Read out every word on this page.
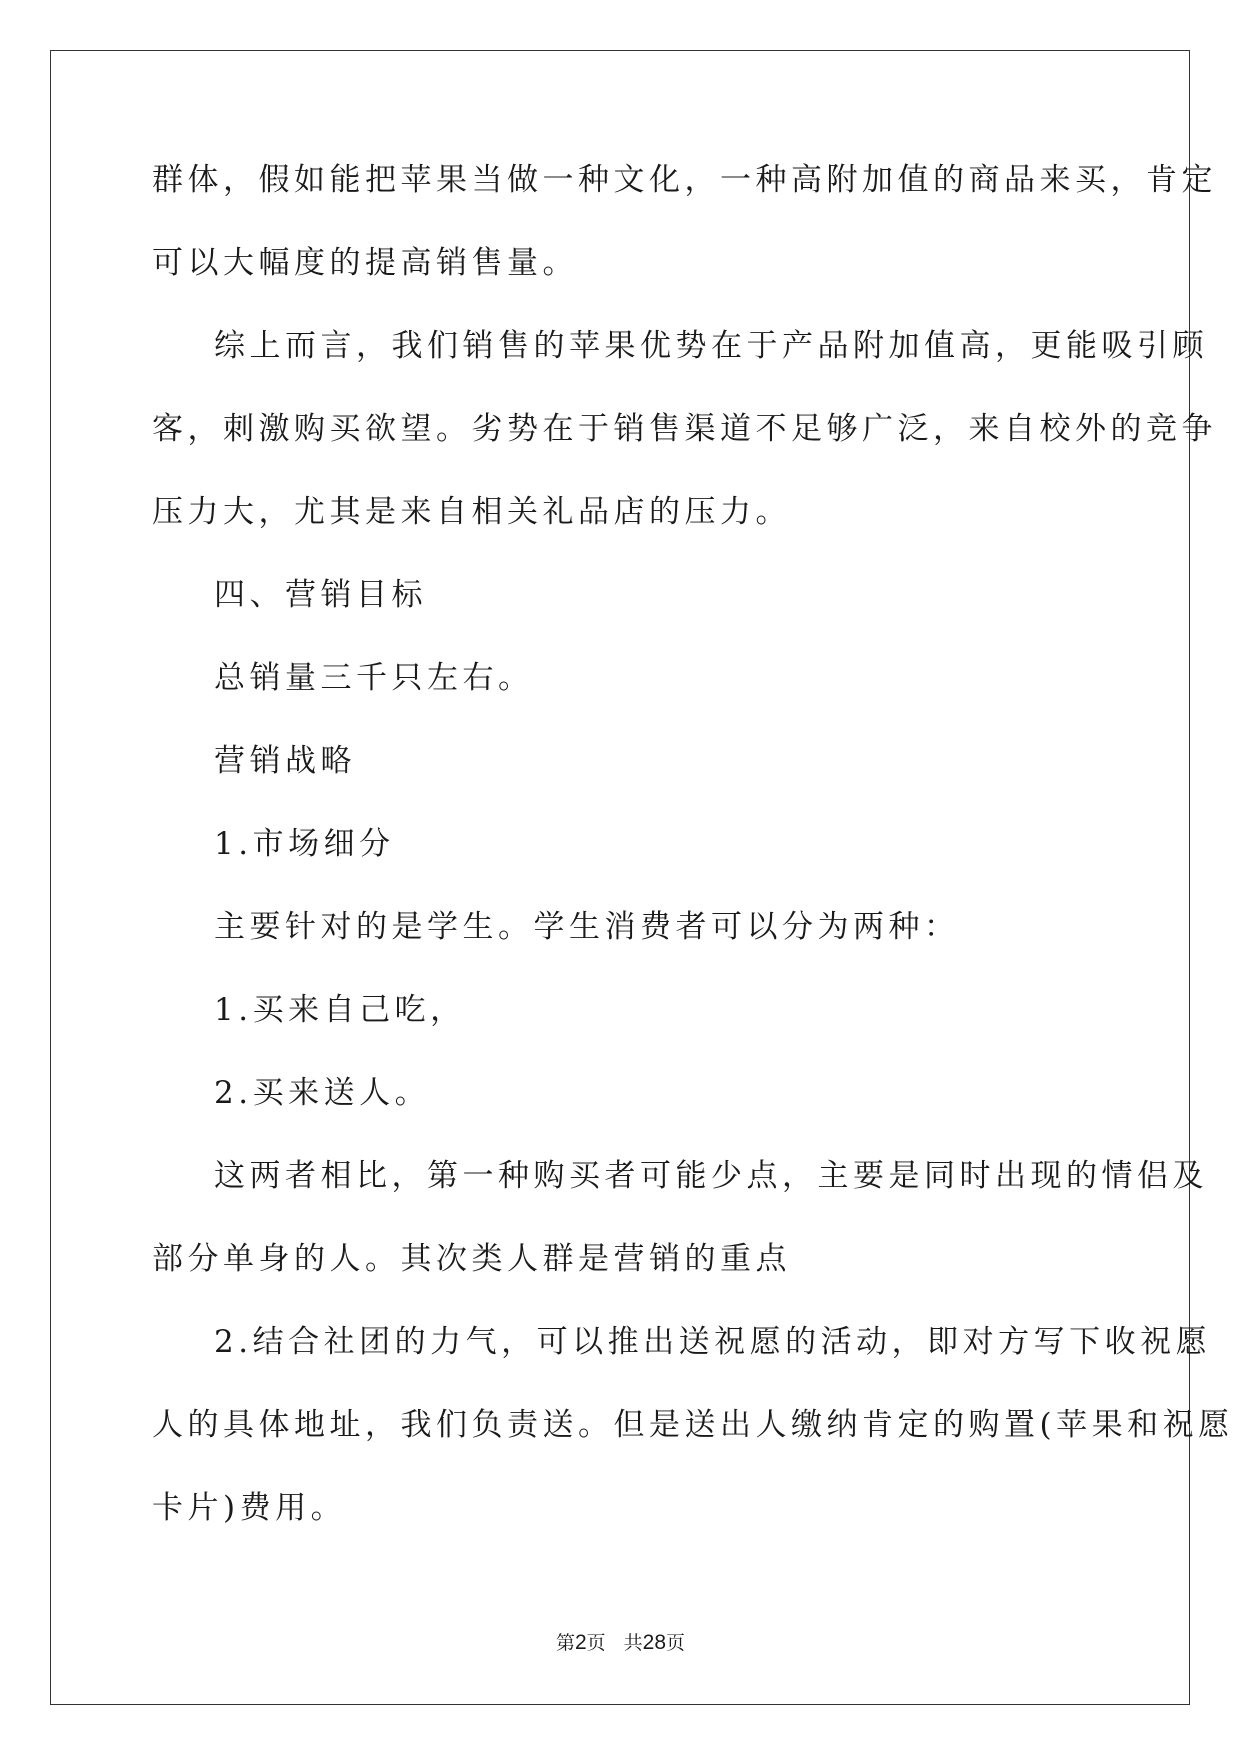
群体，假如能把苹果当做一种文化，一种高附加值的商品来买，肯定
可以大幅度的提高销售量。
综上而言，我们销售的苹果优势在于产品附加值高，更能吸引顾
客，刺激购买欲望。劣势在于销售渠道不足够广泛，来自校外的竞争
压力大，尤其是来自相关礼品店的压力。
四、营销目标
总销量三千只左右。
营销战略
1.市场细分
主要针对的是学生。学生消费者可以分为两种：
1.买来自己吃，
2.买来送人。
这两者相比，第一种购买者可能少点，主要是同时出现的情侣及
部分单身的人。其次类人群是营销的重点
2.结合社团的力气，可以推出送祝愿的活动，即对方写下收祝愿
人的具体地址，我们负责送。但是送出人缴纳肯定的购置(苹果和祝愿
卡片)费用。
第2页 共28页
